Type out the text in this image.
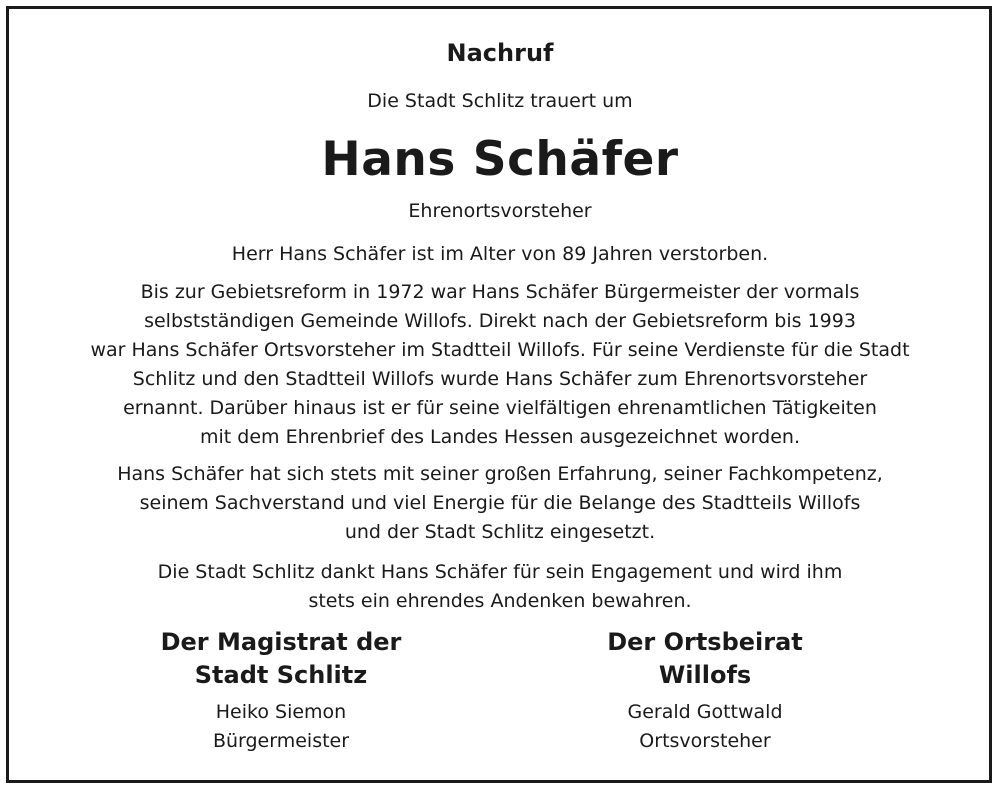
Nachruf
Die Stadt Schlitz trauert um
Hans Schäfer
Ehrenortsvorsteher
Herr Hans Schäfer ist im Alter von 89 Jahren verstorben.
Bis zur Gebietsreform in 1972 war Hans Schäfer Bürgermeister der vormals
selbstständigen Gemeinde Willofs. Direkt nach der Gebietsreform bis 1993
war Hans Schäfer Ortsvorsteher im Stadtteil Willofs. Für seine Verdienste für die Stadt
Schlitz und den Stadtteil Willofs wurde Hans Schäfer zum Ehrenortsvorsteher
ernannt. Darüber hinaus ist er für seine vielfältigen ehrenamtlichen Tätigkeiten
mit dem Ehrenbrief des Landes Hessen ausgezeichnet worden.
Hans Schäfer hat sich stets mit seiner großen Erfahrung, seiner Fachkompetenz,
seinem Sachverstand und viel Energie für die Belange des Stadtteils Willofs
und der Stadt Schlitz eingesetzt.
Die Stadt Schlitz dankt Hans Schäfer für sein Engagement und wird ihm
stets ein ehrendes Andenken bewahren.
Der Magistrat der
Stadt Schlitz
Heiko Siemon
Bürgermeister
Der Ortsbeirat
Willofs
Gerald Gottwald
Ortsvorsteher
